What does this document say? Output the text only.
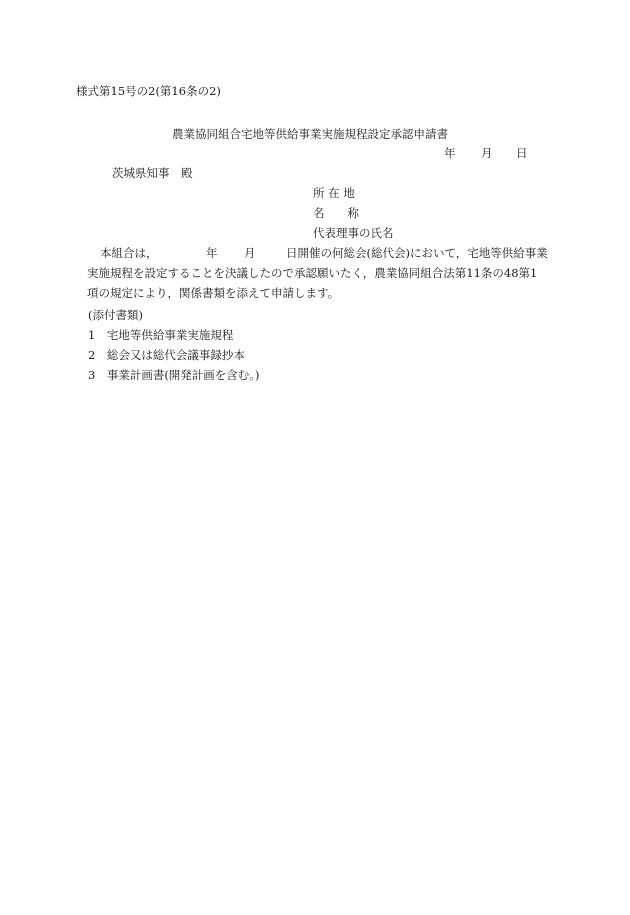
様式第15号の2(第16条の2)
農業協同組合宅地等供給事業実施規程設定承認申請書
年 月 日
茨城県知事　殿
所 在 地
名　　称
代表理事の氏名
本組合は，	年 月	日開催の何総会(総代会)において，宅地等供給事業
実施規程を設定することを決議したので承認願いたく，農業協同組合法第11条の48第1
項の規定により，関係書類を添えて申請します。
(添付書類)
1　宅地等供給事業実施規程
2　総会又は総代会議事録抄本
3　事業計画書(開発計画を含む。)
